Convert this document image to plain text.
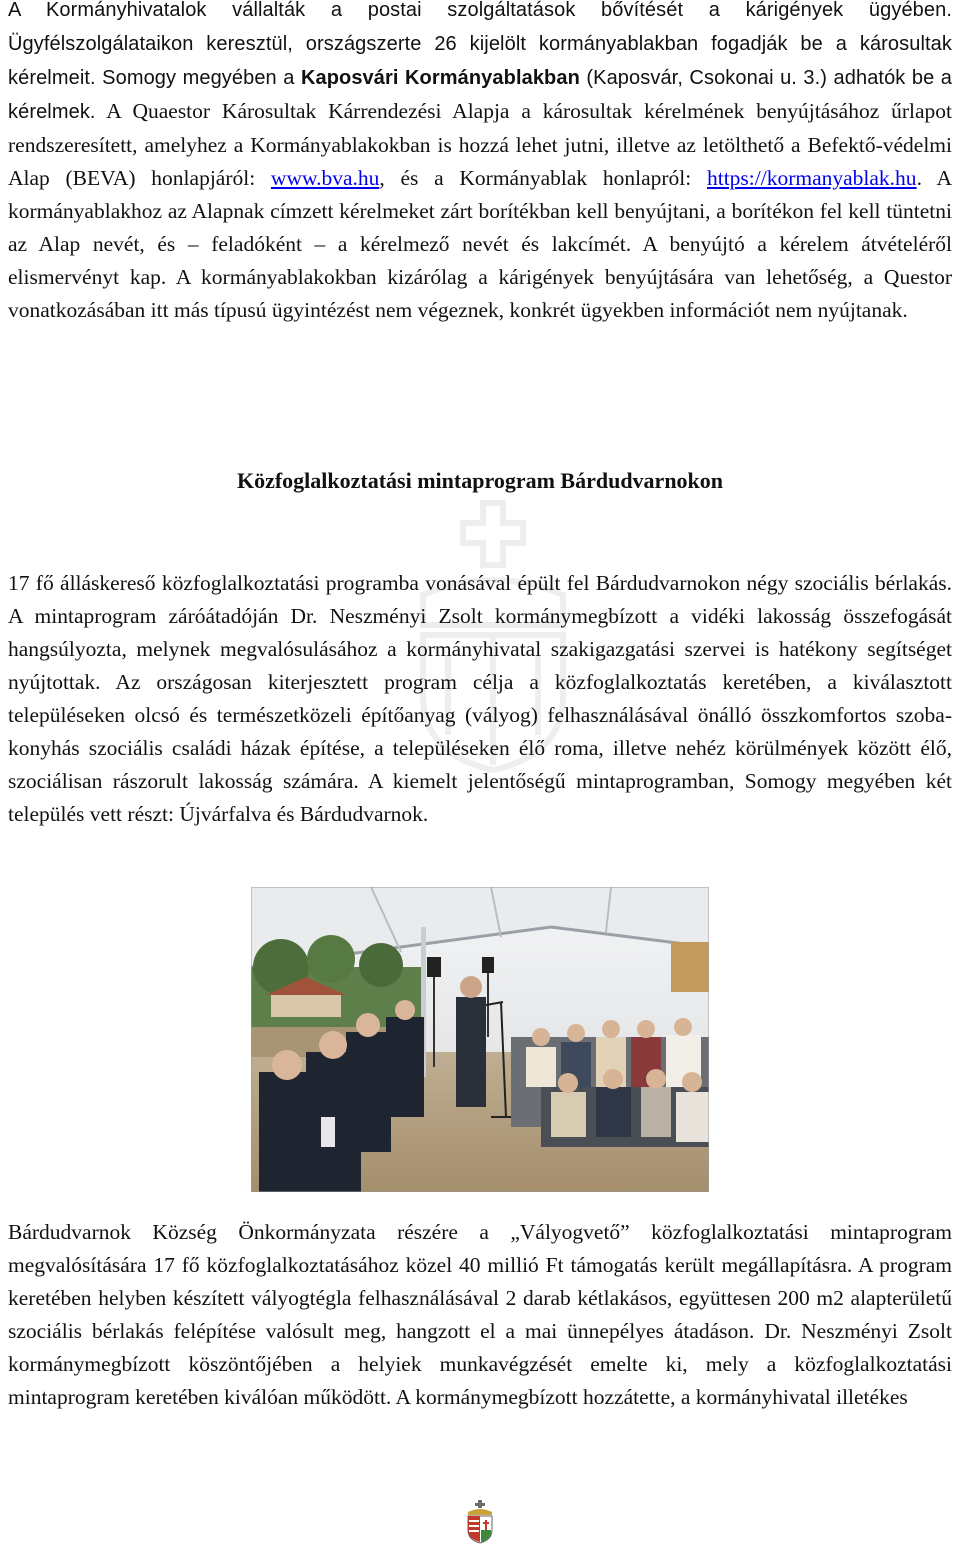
A Kormányhivatalok vállalták a postai szolgáltatások bővítését a kárigények ügyében. Ügyfélszolgálataikon keresztül, országszerte 26 kijelölt kormányablakban fogadják be a károsultak kérelmeit. Somogy megyében a Kaposvári Kormányablakban (Kaposvár, Csokonai u. 3.) adhatók be a kérelmek. A Quaestor Károsultak Kárrendezési Alapja a károsultak kérelmének benyújtásához űrlapot rendszeresített, amelyhez a Kormányablakokban is hozzá lehet jutni, illetve az letölthető a Befektő-védelmi Alap (BEVA) honlapjáról: www.bva.hu, és a Kormányablak honlapról: https://kormanyablak.hu. A kormányablakhoz az Alapnak címzett kérelmeket zárt borítékban kell benyújtani, a borítékon fel kell tüntetni az Alap nevét, és – feladóként – a kérelmező nevét és lakcímét. A benyújtó a kérelem átvételéről elismervényt kap. A kormányablakokban kizárólag a kárigények benyújtására van lehetőség, a Questor vonatkozásában itt más típusú ügyintézést nem végeznek, konkrét ügyekben információt nem nyújtanak.

Közfoglalkoztatási mintaprogram Bárdudvarnokon

17 fő álláskereső közfoglalkoztatási programba vonásával épült fel Bárdudvarnokon négy szociális bérlakás. A mintaprogram záróátadóján Dr. Neszményi Zsolt kormánymegbízott a vidéki lakosság összefogását hangsúlyozta, melynek megvalósulásához a kormányhivatal szakigazgatási szervei is hatékony segítséget nyújtottak. Az országosan kiterjesztett program célja a közfoglalkoztatás keretében, a kiválasztott településeken olcsó és természetközeli építőanyag (vályog) felhasználásával önálló összkomfortos szoba-konyhás szociális családi házak építése, a településeken élő roma, illetve nehéz körülmények között élő, szociálisan rászorult lakosság számára. A kiemelt jelentőségű mintaprogramban, Somogy megyében két település vett részt: Újvárfalva és Bárdudvarnok.

Bárdudvarnok Község Önkormányzata részére a „Vályogvető” közfoglalkoztatási mintaprogram megvalósítására 17 fő közfoglalkoztatásához közel 40 millió Ft támogatás került megállapításra. A program keretében helyben készített vályogtégla felhasználásával 2 darab kétlakásos, együttesen 200 m2 alapterületű szociális bérlakás felépítése valósult meg, hangzott el a mai ünnepélyes átadáson. Dr. Neszményi Zsolt kormánymegbízott köszöntőjében a helyiek munkavégzését emelte ki, mely a közfoglalkoztatási mintaprogram keretében kiválóan működött. A kormánymegbízott hozzátette, a kormányhivatal illetékes
